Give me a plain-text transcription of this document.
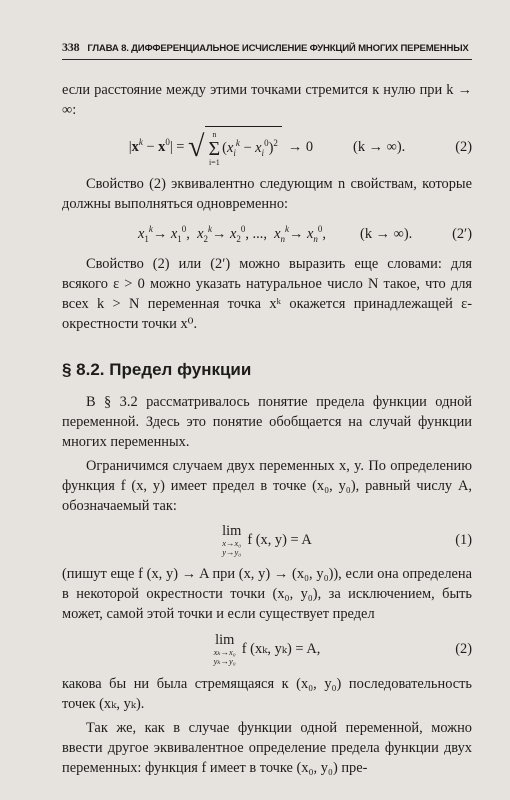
338 ГЛАВА 8. ДИФФЕРЕНЦИАЛЬНОЕ ИСЧИСЛЕНИЕ ФУНКЦИЙ МНОГИХ ПЕРЕМЕННЫХ

если расстояние между этими точками стремится к нулю при k → ∞:

$|x^k - x^0|$ = √ n
Σ
i=1
$(x_i^k - x_i^0)^2 \to 0$	(k → ∞).	(2)

Свойство (2) эквивалентно следующим n свойствам, которые должны выполняться одновременно:

$x_1^k\to x_1^0$,  $x_2^k\to x_2^0$, ...,  $x_n^k\to x_n^0$, (k → ∞).	(2′)

Свойство (2) или (2′) можно выразить еще словами: для всякого ε > 0 можно указать натуральное число N такое, что для всех k > N переменная точка xᵏ окажется принадлежащей ε-окрестности точки x⁰.

§ 8.2. Предел функции

В § 3.2 рассматривалось понятие предела функции одной переменной. Здесь это понятие обобщается на случай функции многих переменных.

Ограничимся случаем двух переменных x, y. По определению функция f (x, y) имеет предел в точке (x₀, y₀), равный числу A, обозначаемый так:

lim
x→x₀
y→y₀
f (x, y) = A	(1)

(пишут еще f (x, y) → A при (x, y) → (x₀, y₀)), если она определена в некоторой окрестности точки (x₀, y₀), за исключением, быть может, самой этой точки и если существует предел

lim
xₖ→x₀
yₖ→y₀
f (xₖ, yₖ) = A,	(2)

какова бы ни была стремящаяся к (x₀, y₀) последовательность точек (xₖ, yₖ).

Так же, как в случае функции одной переменной, можно ввести другое эквивалентное определение предела функции двух переменных: функция f имеет в точке (x₀, y₀) пре-
